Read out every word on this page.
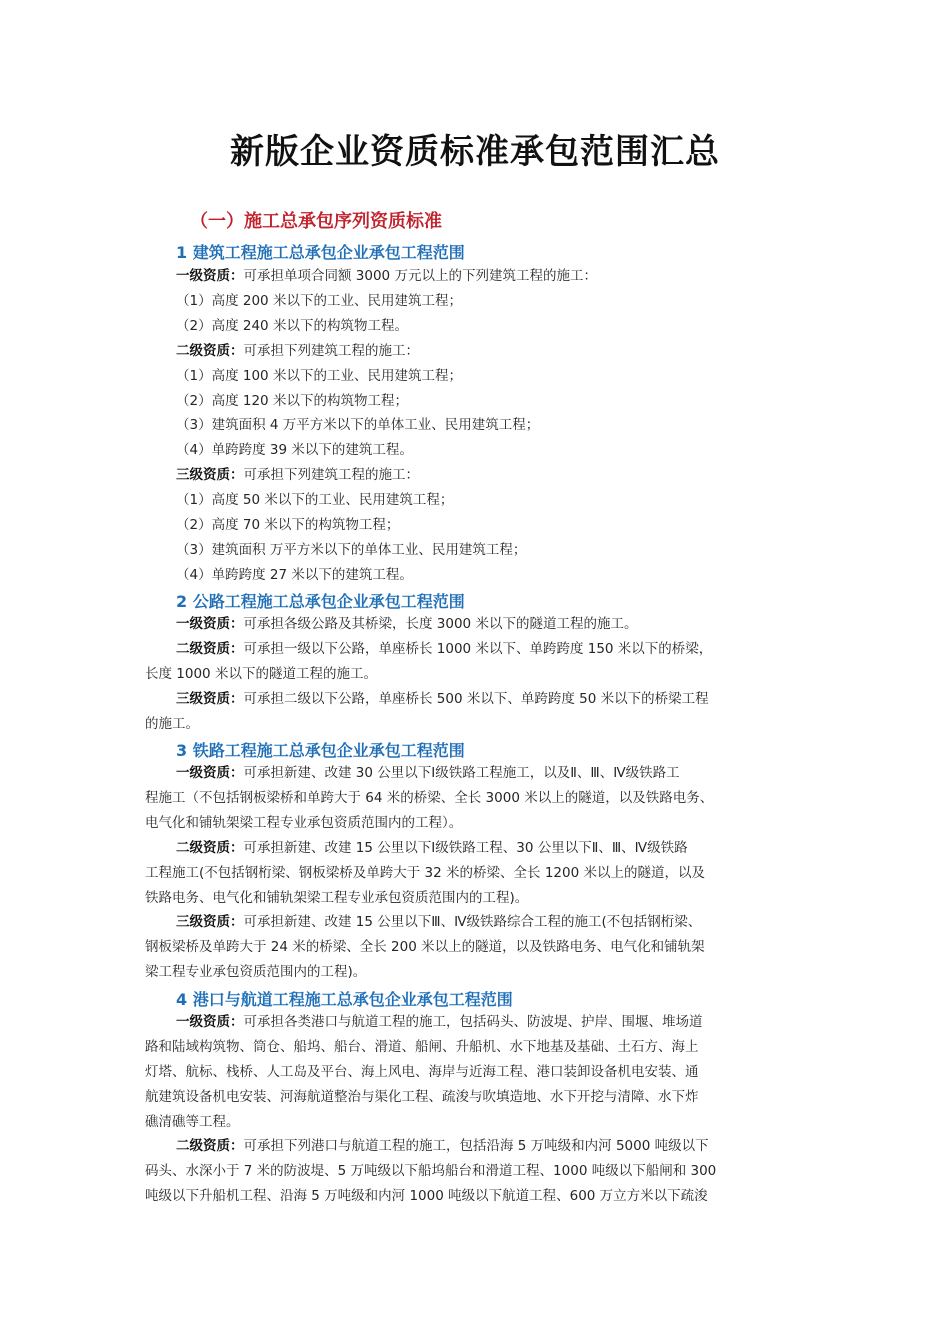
新版企业资质标准承包范围汇总
（一）施工总承包序列资质标准
1 建筑工程施工总承包企业承包工程范围
一级资质：可承担单项合同额 3000 万元以上的下列建筑工程的施工：
（1）高度 200 米以下的工业、民用建筑工程；
（2）高度 240 米以下的构筑物工程。
二级资质：可承担下列建筑工程的施工：
（1）高度 100 米以下的工业、民用建筑工程；
（2）高度 120 米以下的构筑物工程；
（3）建筑面积 4 万平方米以下的单体工业、民用建筑工程；
（4）单跨跨度 39 米以下的建筑工程。
三级资质：可承担下列建筑工程的施工：
（1）高度 50 米以下的工业、民用建筑工程；
（2）高度 70 米以下的构筑物工程；
（3）建筑面积 万平方米以下的单体工业、民用建筑工程；
（4）单跨跨度 27 米以下的建筑工程。
2 公路工程施工总承包企业承包工程范围
一级资质：可承担各级公路及其桥梁，长度 3000 米以下的隧道工程的施工。
二级资质：可承担一级以下公路，单座桥长 1000 米以下、单跨跨度 150 米以下的桥梁，
长度 1000 米以下的隧道工程的施工。
三级资质：可承担二级以下公路，单座桥长 500 米以下、单跨跨度 50 米以下的桥梁工程
的施工。
3 铁路工程施工总承包企业承包工程范围
一级资质：可承担新建、改建 30 公里以下Ⅰ级铁路工程施工，以及Ⅱ、Ⅲ、Ⅳ级铁路工
程施工（不包括钢板梁桥和单跨大于 64 米的桥梁、全长 3000 米以上的隧道，以及铁路电务、
电气化和铺轨架梁工程专业承包资质范围内的工程）。
二级资质：可承担新建、改建 15 公里以下Ⅰ级铁路工程、30 公里以下Ⅱ、Ⅲ、Ⅳ级铁路
工程施工(不包括钢桁梁、钢板梁桥及单跨大于 32 米的桥梁、全长 1200 米以上的隧道，以及
铁路电务、电气化和铺轨架梁工程专业承包资质范围内的工程)。
三级资质：可承担新建、改建 15 公里以下Ⅲ、Ⅳ级铁路综合工程的施工(不包括钢桁梁、
钢板梁桥及单跨大于 24 米的桥梁、全长 200 米以上的隧道，以及铁路电务、电气化和铺轨架
梁工程专业承包资质范围内的工程)。
4 港口与航道工程施工总承包企业承包工程范围
一级资质：可承担各类港口与航道工程的施工，包括码头、防波堤、护岸、围堰、堆场道
路和陆域构筑物、筒仓、船坞、船台、滑道、船闸、升船机、水下地基及基础、土石方、海上
灯塔、航标、栈桥、人工岛及平台、海上风电、海岸与近海工程、港口装卸设备机电安装、通
航建筑设备机电安装、河海航道整治与渠化工程、疏浚与吹填造地、水下开挖与清障、水下炸
礁清礁等工程。
二级资质：可承担下列港口与航道工程的施工，包括沿海 5 万吨级和内河 5000 吨级以下
码头、水深小于 7 米的防波堤、5 万吨级以下船坞船台和滑道工程、1000 吨级以下船闸和 300
吨级以下升船机工程、沿海 5 万吨级和内河 1000 吨级以下航道工程、600 万立方米以下疏浚
